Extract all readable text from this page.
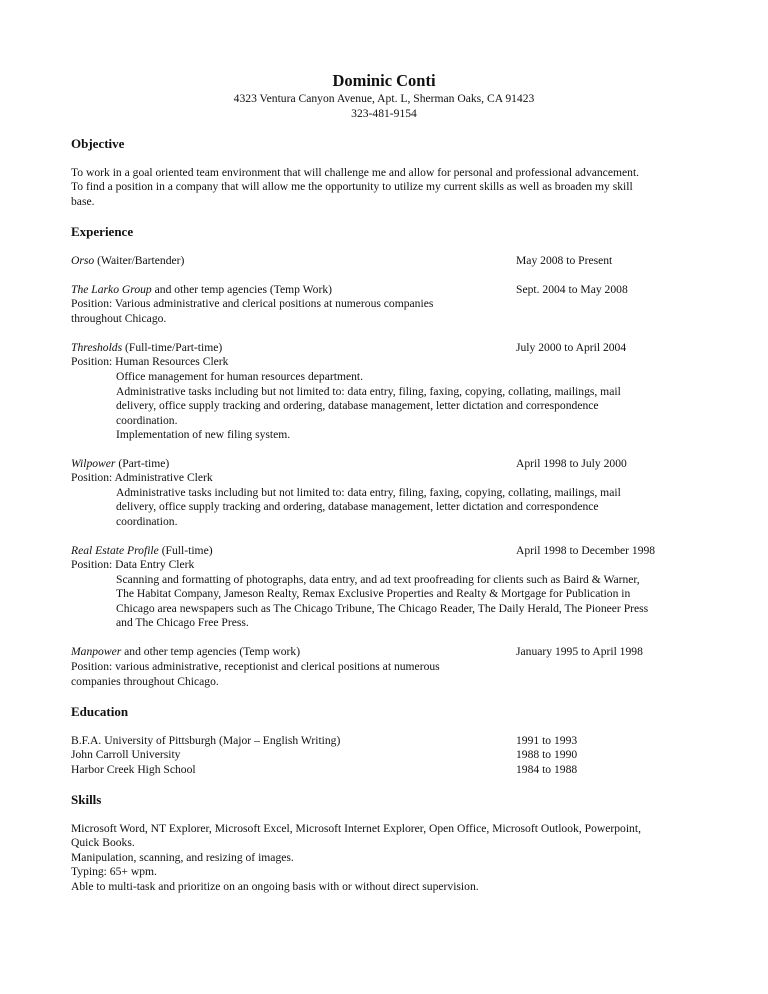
Dominic Conti
4323 Ventura Canyon Avenue, Apt. L, Sherman Oaks, CA 91423
323-481-9154
Objective
To work in a goal oriented team environment that will challenge me and allow for personal and professional advancement.
To find a position in a company that will allow me the opportunity to utilize my current skills as well as broaden my skill
base.
Experience
Orso (Waiter/Bartender)	May 2008 to Present
The Larko Group and other temp agencies (Temp Work)	Sept. 2004 to May 2008
Position: Various administrative and clerical positions at numerous companies
throughout Chicago.
Thresholds (Full-time/Part-time)	July 2000 to April 2004
Position: Human Resources Clerk
Office management for human resources department.
Administrative tasks including but not limited to: data entry, filing, faxing, copying, collating, mailings, mail
delivery, office supply tracking and ordering, database management, letter dictation and correspondence
coordination.
Implementation of new filing system.
Wilpower (Part-time)	April 1998 to July 2000
Position: Administrative Clerk
Administrative tasks including but not limited to: data entry, filing, faxing, copying, collating, mailings, mail
delivery, office supply tracking and ordering, database management, letter dictation and correspondence
coordination.
Real Estate Profile (Full-time)	April 1998 to December 1998
Position: Data Entry Clerk
Scanning and formatting of photographs, data entry, and ad text proofreading for clients such as Baird & Warner,
The Habitat Company, Jameson Realty, Remax Exclusive Properties and Realty & Mortgage for Publication in
Chicago area newspapers such as The Chicago Tribune, The Chicago Reader, The Daily Herald, The Pioneer Press
and The Chicago Free Press.
Manpower and other temp agencies (Temp work)	January 1995 to April 1998
Position: various administrative, receptionist and clerical positions at numerous
companies throughout Chicago.
Education
B.F.A. University of Pittsburgh (Major – English Writing)	1991 to 1993
John Carroll University	1988 to 1990
Harbor Creek High School	1984 to 1988
Skills
Microsoft Word, NT Explorer, Microsoft Excel, Microsoft Internet Explorer, Open Office, Microsoft Outlook, Powerpoint,
Quick Books.
Manipulation, scanning, and resizing of images.
Typing: 65+ wpm.
Able to multi-task and prioritize on an ongoing basis with or without direct supervision.
